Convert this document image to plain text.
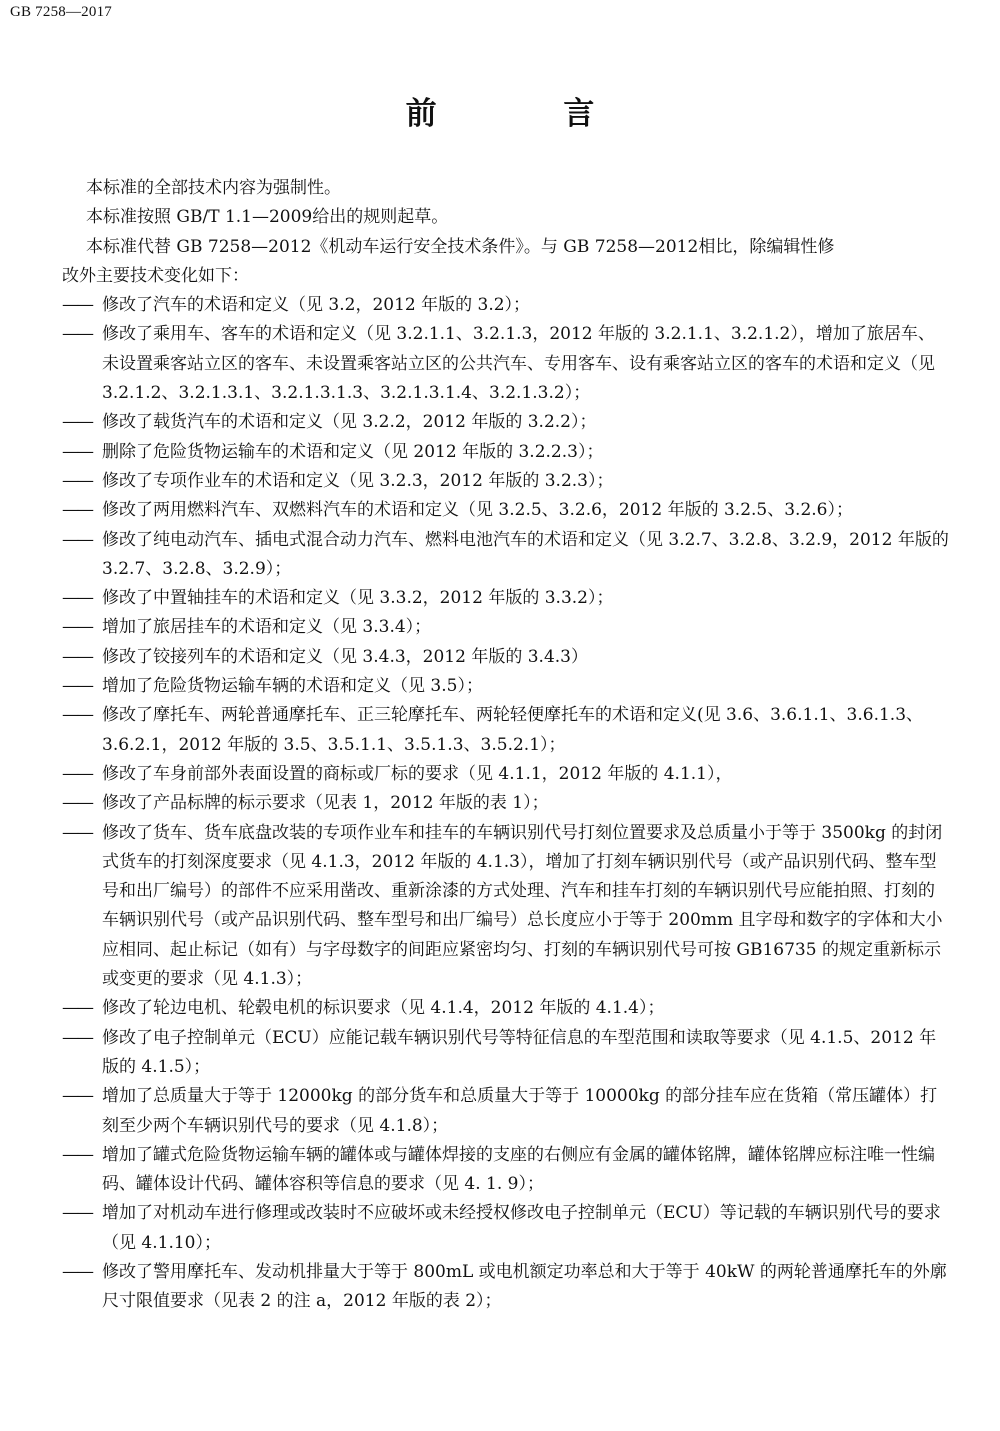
GB 7258—2017
前 言

本标准的全部技术内容为强制性。

本标准按照 GB/T 1.1—2009给出的规则起草。

本标准代替 GB 7258—2012《机动车运行安全技术条件》。与 GB 7258—2012相比，除编辑性修

改外主要技术变化如下：

—— 修改了汽车的术语和定义（见 3.2，2012 年版的 3.2）；

—— 修改了乘用车、客车的术语和定义（见 3.2.1.1、3.2.1.3，2012 年版的 3.2.1.1、3.2.1.2），增加了旅居车、未设置乘客站立区的客车、未设置乘客站立区的公共汽车、专用客车、设有乘客站立区的客车的术语和定义（见 3.2.1.2、3.2.1.3.1、3.2.1.3.1.3、3.2.1.3.1.4、3.2.1.3.2）；

—— 修改了载货汽车的术语和定义（见 3.2.2，2012 年版的 3.2.2）；

—— 删除了危险货物运输车的术语和定义（见 2012 年版的 3.2.2.3）；

—— 修改了专项作业车的术语和定义（见 3.2.3，2012 年版的 3.2.3）；

—— 修改了两用燃料汽车、双燃料汽车的术语和定义（见 3.2.5、3.2.6，2012 年版的 3.2.5、3.2.6）；

—— 修改了纯电动汽车、插电式混合动力汽车、燃料电池汽车的术语和定义（见 3.2.7、3.2.8、3.2.9，2012 年版的 3.2.7、3.2.8、3.2.9）；

—— 修改了中置轴挂车的术语和定义（见 3.3.2，2012 年版的 3.3.2）；

—— 增加了旅居挂车的术语和定义（见 3.3.4）；

—— 修改了铰接列车的术语和定义（见 3.4.3，2012 年版的 3.4.3）

—— 增加了危险货物运输车辆的术语和定义（见 3.5）；

—— 修改了摩托车、两轮普通摩托车、正三轮摩托车、两轮轻便摩托车的术语和定义(见 3.6、3.6.1.1、3.6.1.3、3.6.2.1，2012 年版的 3.5、3.5.1.1、3.5.1.3、3.5.2.1）；

—— 修改了车身前部外表面设置的商标或厂标的要求（见 4.1.1，2012 年版的 4.1.1），

—— 修改了产品标牌的标示要求（见表 1，2012 年版的表 1）；

—— 修改了货车、货车底盘改装的专项作业车和挂车的车辆识别代号打刻位置要求及总质量小于等于 3500kg 的封闭式货车的打刻深度要求（见 4.1.3，2012 年版的 4.1.3），增加了打刻车辆识别代号（或产品识别代码、整车型号和出厂编号）的部件不应采用凿改、重新涂漆的方式处理、汽车和挂车打刻的车辆识别代号应能拍照、打刻的车辆识别代号（或产品识别代码、整车型号和出厂编号）总长度应小于等于 200mm 且字母和数字的字体和大小应相同、起止标记（如有）与字母数字的间距应紧密均匀、打刻的车辆识别代号可按 GB16735 的规定重新标示或变更的要求（见 4.1.3）；

—— 修改了轮边电机、轮毂电机的标识要求（见 4.1.4，2012 年版的 4.1.4）；

—— 修改了电子控制单元（ECU）应能记载车辆识别代号等特征信息的车型范围和读取等要求（见 4.1.5、2012 年版的 4.1.5）；

—— 增加了总质量大于等于 12000kg 的部分货车和总质量大于等于 10000kg 的部分挂车应在货箱（常压罐体）打刻至少两个车辆识别代号的要求（见 4.1.8）；

—— 增加了罐式危险货物运输车辆的罐体或与罐体焊接的支座的右侧应有金属的罐体铭牌，罐体铭牌应标注唯一性编码、罐体设计代码、罐体容积等信息的要求（见 4. 1. 9）；

—— 增加了对机动车进行修理或改装时不应破坏或未经授权修改电子控制单元（ECU）等记载的车辆识别代号的要求（见 4.1.10）；

—— 修改了警用摩托车、发动机排量大于等于 800mL 或电机额定功率总和大于等于 40kW 的两轮普通摩托车的外廓尺寸限值要求（见表 2 的注 a，2012 年版的表 2）；
